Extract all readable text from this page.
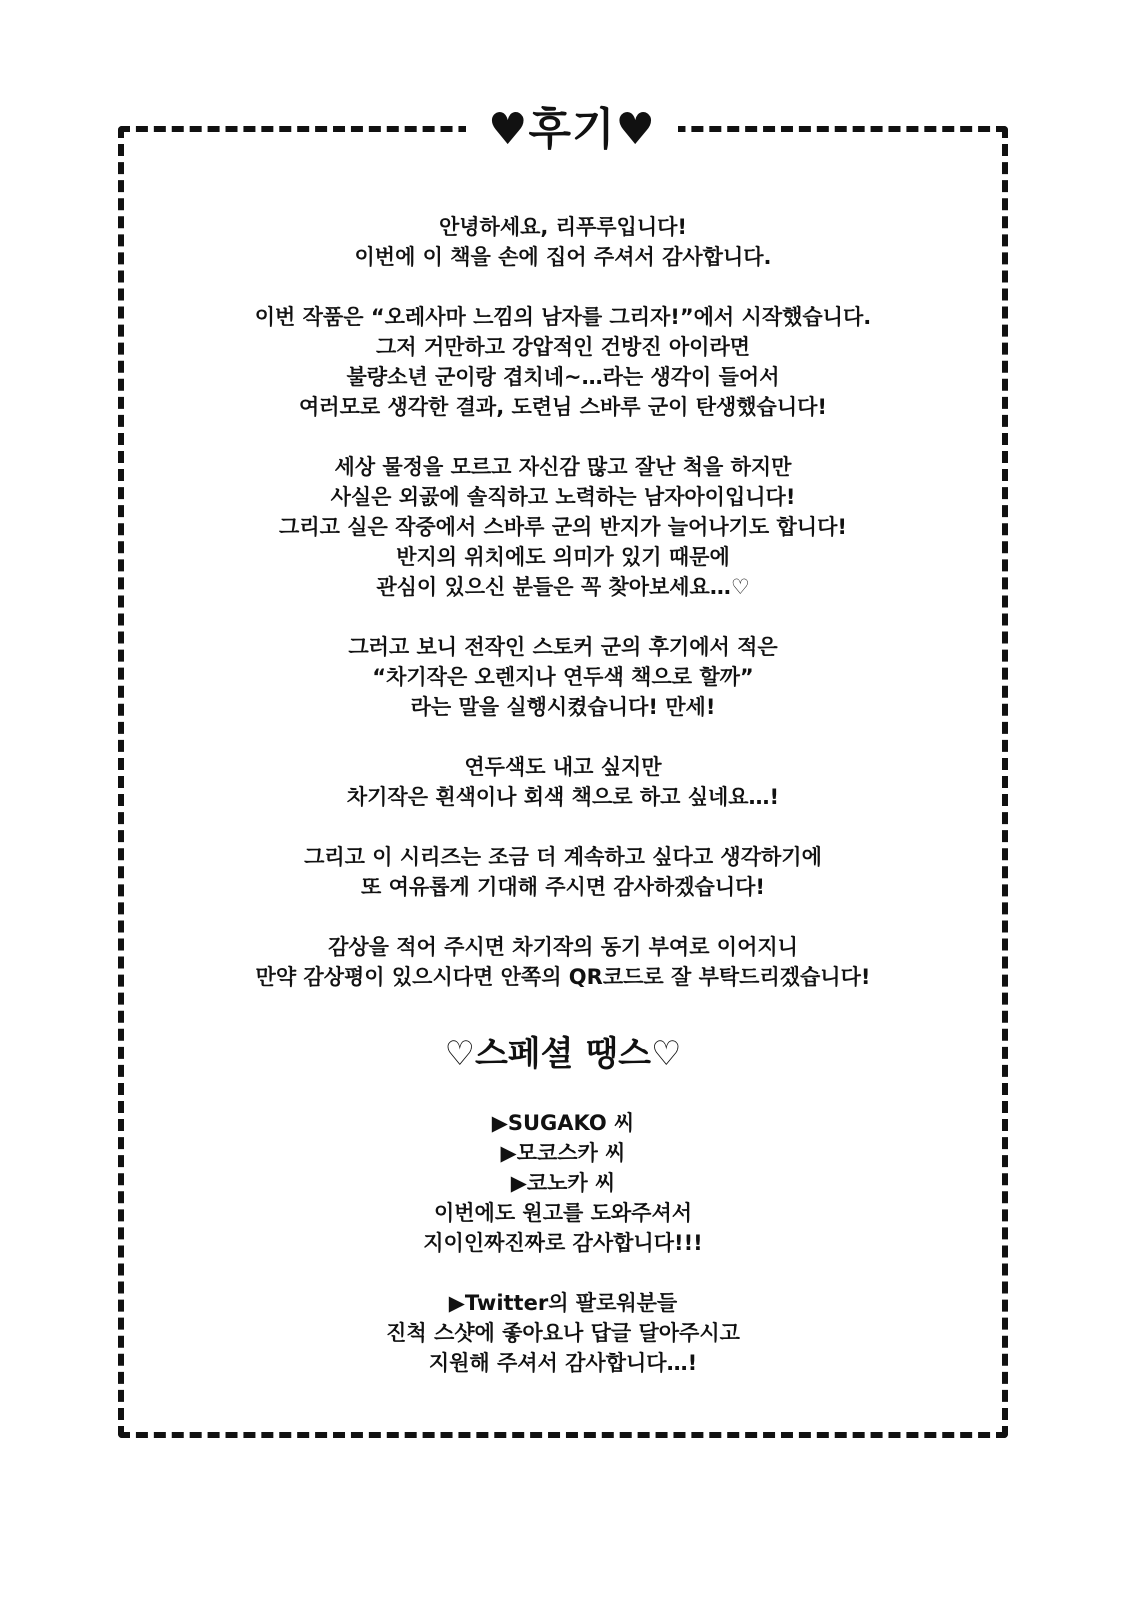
♥후기♥
안녕하세요, 리푸루입니다!
이번에 이 책을 손에 집어 주셔서 감사합니다.
이번 작품은 “오레사마 느낌의 남자를 그리자!”에서 시작했습니다.
그저 거만하고 강압적인 건방진 아이라면
불량소년 군이랑 겹치네~…라는 생각이 들어서
여러모로 생각한 결과, 도련님 스바루 군이 탄생했습니다!
세상 물정을 모르고 자신감 많고 잘난 척을 하지만
사실은 외곬에 솔직하고 노력하는 남자아이입니다!
그리고 실은 작중에서 스바루 군의 반지가 늘어나기도 합니다!
반지의 위치에도 의미가 있기 때문에
관심이 있으신 분들은 꼭 찾아보세요…♡
그러고 보니 전작인 스토커 군의 후기에서 적은
“차기작은 오렌지나 연두색 책으로 할까”
라는 말을 실행시켰습니다! 만세!
연두색도 내고 싶지만
차기작은 흰색이나 회색 책으로 하고 싶네요…!
그리고 이 시리즈는 조금 더 계속하고 싶다고 생각하기에
또 여유롭게 기대해 주시면 감사하겠습니다!
감상을 적어 주시면 차기작의 동기 부여로 이어지니
만약 감상평이 있으시다면 안쪽의 QR코드로 잘 부탁드리겠습니다!
♡스페셜 땡스♡
▶SUGAKO 씨
▶모코스카 씨
▶코노카 씨
이번에도 원고를 도와주셔서
지이인짜진짜로 감사합니다!!!
▶Twitter의 팔로워분들
진척 스샷에 좋아요나 답글 달아주시고
지원해 주셔서 감사합니다…!
